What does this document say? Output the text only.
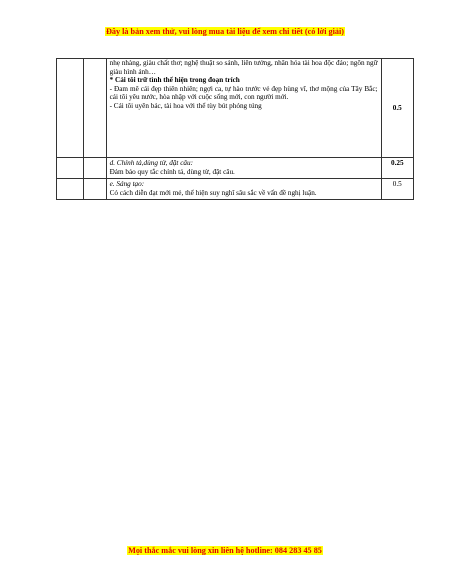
Đây là bản xem thử, vui lòng mua tài liệu để xem chi tiết (có lời giải)

		nhẹ nhàng, giàu chất thơ; nghệ thuật so sánh, liên tưởng, nhân hóa tài hoa độc đáo; ngôn ngữ giàu hình ảnh…

* Cái tôi trữ tình thể hiện trong đoạn trích

- Đam mê cái đẹp thiên nhiên; ngợi ca, tự hào trước vẻ đẹp hùng vĩ, thơ mộng của Tây Bắc; cái tôi yêu nước, hòa nhập với cuộc sống mới, con người mới.

- Cái tôi uyên bác, tài hoa với thể tùy bút phóng túng	0.5

		d. Chính tả,dùng từ, đặt câu:

Đảm bảo quy tắc chính tả, dùng từ, đặt câu.	0.25

		e. Sáng tạo:

Có cách diễn đạt mới mẻ, thể hiện suy nghĩ sâu sắc về vấn đề nghị luận.	0.5
Mọi thắc mắc vui lòng xin liên hệ hotline: 084 283 45 85
